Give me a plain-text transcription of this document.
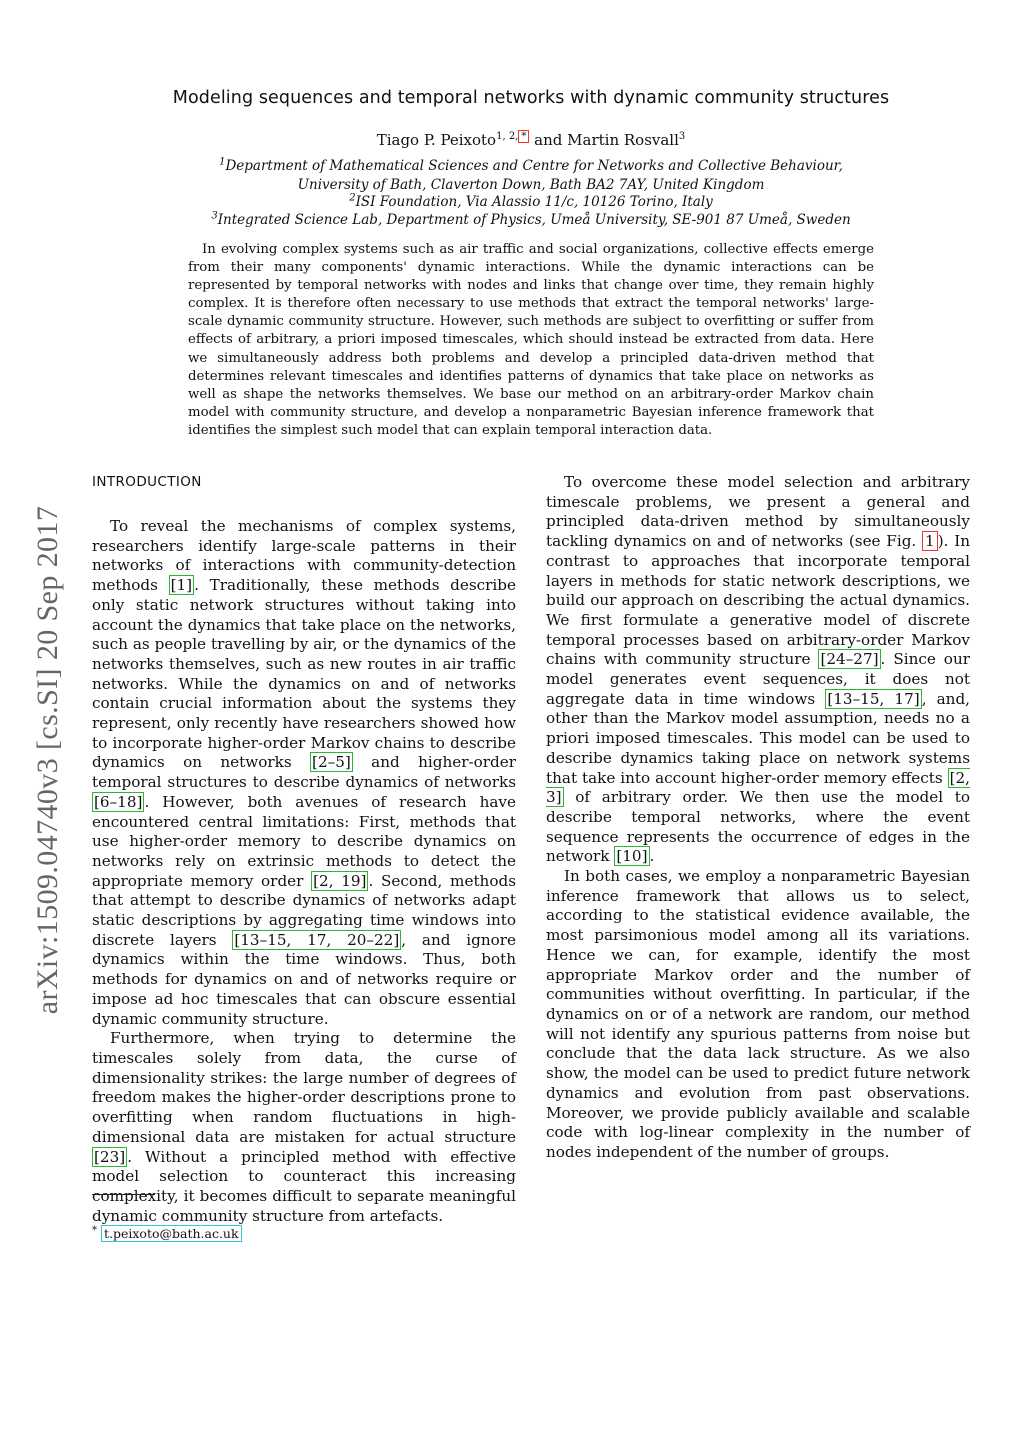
Modeling sequences and temporal networks with dynamic community structures
Tiago P. Peixoto$^{1, 2,}$ * and Martin Rosvall$^3$
$^1$Department of Mathematical Sciences and Centre for Networks and Collective Behaviour,
University of Bath, Claverton Down, Bath BA2 7AY, United Kingdom
$^2$ISI Foundation, Via Alassio 11/c, 10126 Torino, Italy
$^3$Integrated Science Lab, Department of Physics, Umeå University, SE-901 87 Umeå, Sweden

In evolving complex systems such as air traffic and social organizations, collective effects emerge from their many components' dynamic interactions. While the dynamic interactions can be represented by temporal networks with nodes and links that change over time, they remain highly complex. It is therefore often necessary to use methods that extract the temporal networks' large-scale dynamic community structure. However, such methods are subject to overfitting or suffer from effects of arbitrary, a priori imposed timescales, which should instead be extracted from data. Here we simultaneously address both problems and develop a principled data-driven method that determines relevant timescales and identifies patterns of dynamics that take place on networks as well as shape the networks themselves. We base our method on an arbitrary-order Markov chain model with community structure, and develop a nonparametric Bayesian inference framework that identifies the simplest such model that can explain temporal interaction data.

arXiv:1509.04740v3 [cs.SI] 20 Sep 2017
INTRODUCTION

To reveal the mechanisms of complex systems, researchers identify large-scale patterns in their networks of interactions with community-detection methods [1] . Traditionally, these methods describe only static network structures without taking into account the dynamics that take place on the networks, such as people travelling by air, or the dynamics of the networks themselves, such as new routes in air traffic networks. While the dynamics on and of networks contain crucial information about the systems they represent, only recently have researchers showed how to incorporate higher-order Markov chains to describe dynamics on networks [2–5] and higher-order temporal structures to describe dynamics of networks [6–18] . However, both avenues of research have encountered central limitations: First, methods that use higher-order memory to describe dynamics on networks rely on extrinsic methods to detect the appropriate memory order [2, 19] . Second, methods that attempt to describe dynamics of networks adapt static descriptions by aggregating time windows into discrete layers [13–15, 17, 20–22] , and ignore dynamics within the time windows. Thus, both methods for dynamics on and of networks require or impose ad hoc timescales that can obscure essential dynamic community structure.

Furthermore, when trying to determine the timescales solely from data, the curse of dimensionality strikes: the large number of degrees of freedom makes the higher-order descriptions prone to overfitting when random fluctuations in high-dimensional data are mistaken for actual structure [23] . Without a principled method with effective model selection to counteract this increasing complexity, it becomes difficult to separate meaningful dynamic community structure from artefacts.

To overcome these model selection and arbitrary timescale problems, we present a general and principled data-driven method by simultaneously tackling dynamics on and of networks (see Fig. 1 ). In contrast to approaches that incorporate temporal layers in methods for static network descriptions, we build our approach on describing the actual dynamics. We first formulate a generative model of discrete temporal processes based on arbitrary-order Markov chains with community structure [24–27] . Since our model generates event sequences, it does not aggregate data in time windows [13–15, 17] , and, other than the Markov model assumption, needs no a priori imposed timescales. This model can be used to describe dynamics taking place on network systems that take into account higher-order memory effects [2, 3] of arbitrary order. We then use the model to describe temporal networks, where the event sequence represents the occurrence of edges in the network [10] .

In both cases, we employ a nonparametric Bayesian inference framework that allows us to select, according to the statistical evidence available, the most parsimonious model among all its variations. Hence we can, for example, identify the most appropriate Markov order and the number of communities without overfitting. In particular, if the dynamics on or of a network are random, our method will not identify any spurious patterns from noise but conclude that the data lack structure. As we also show, the model can be used to predict future network dynamics and evolution from past observations. Moreover, we provide publicly available and scalable code with log-linear complexity in the number of nodes independent of the number of groups.

* t.peixoto@bath.ac.uk
